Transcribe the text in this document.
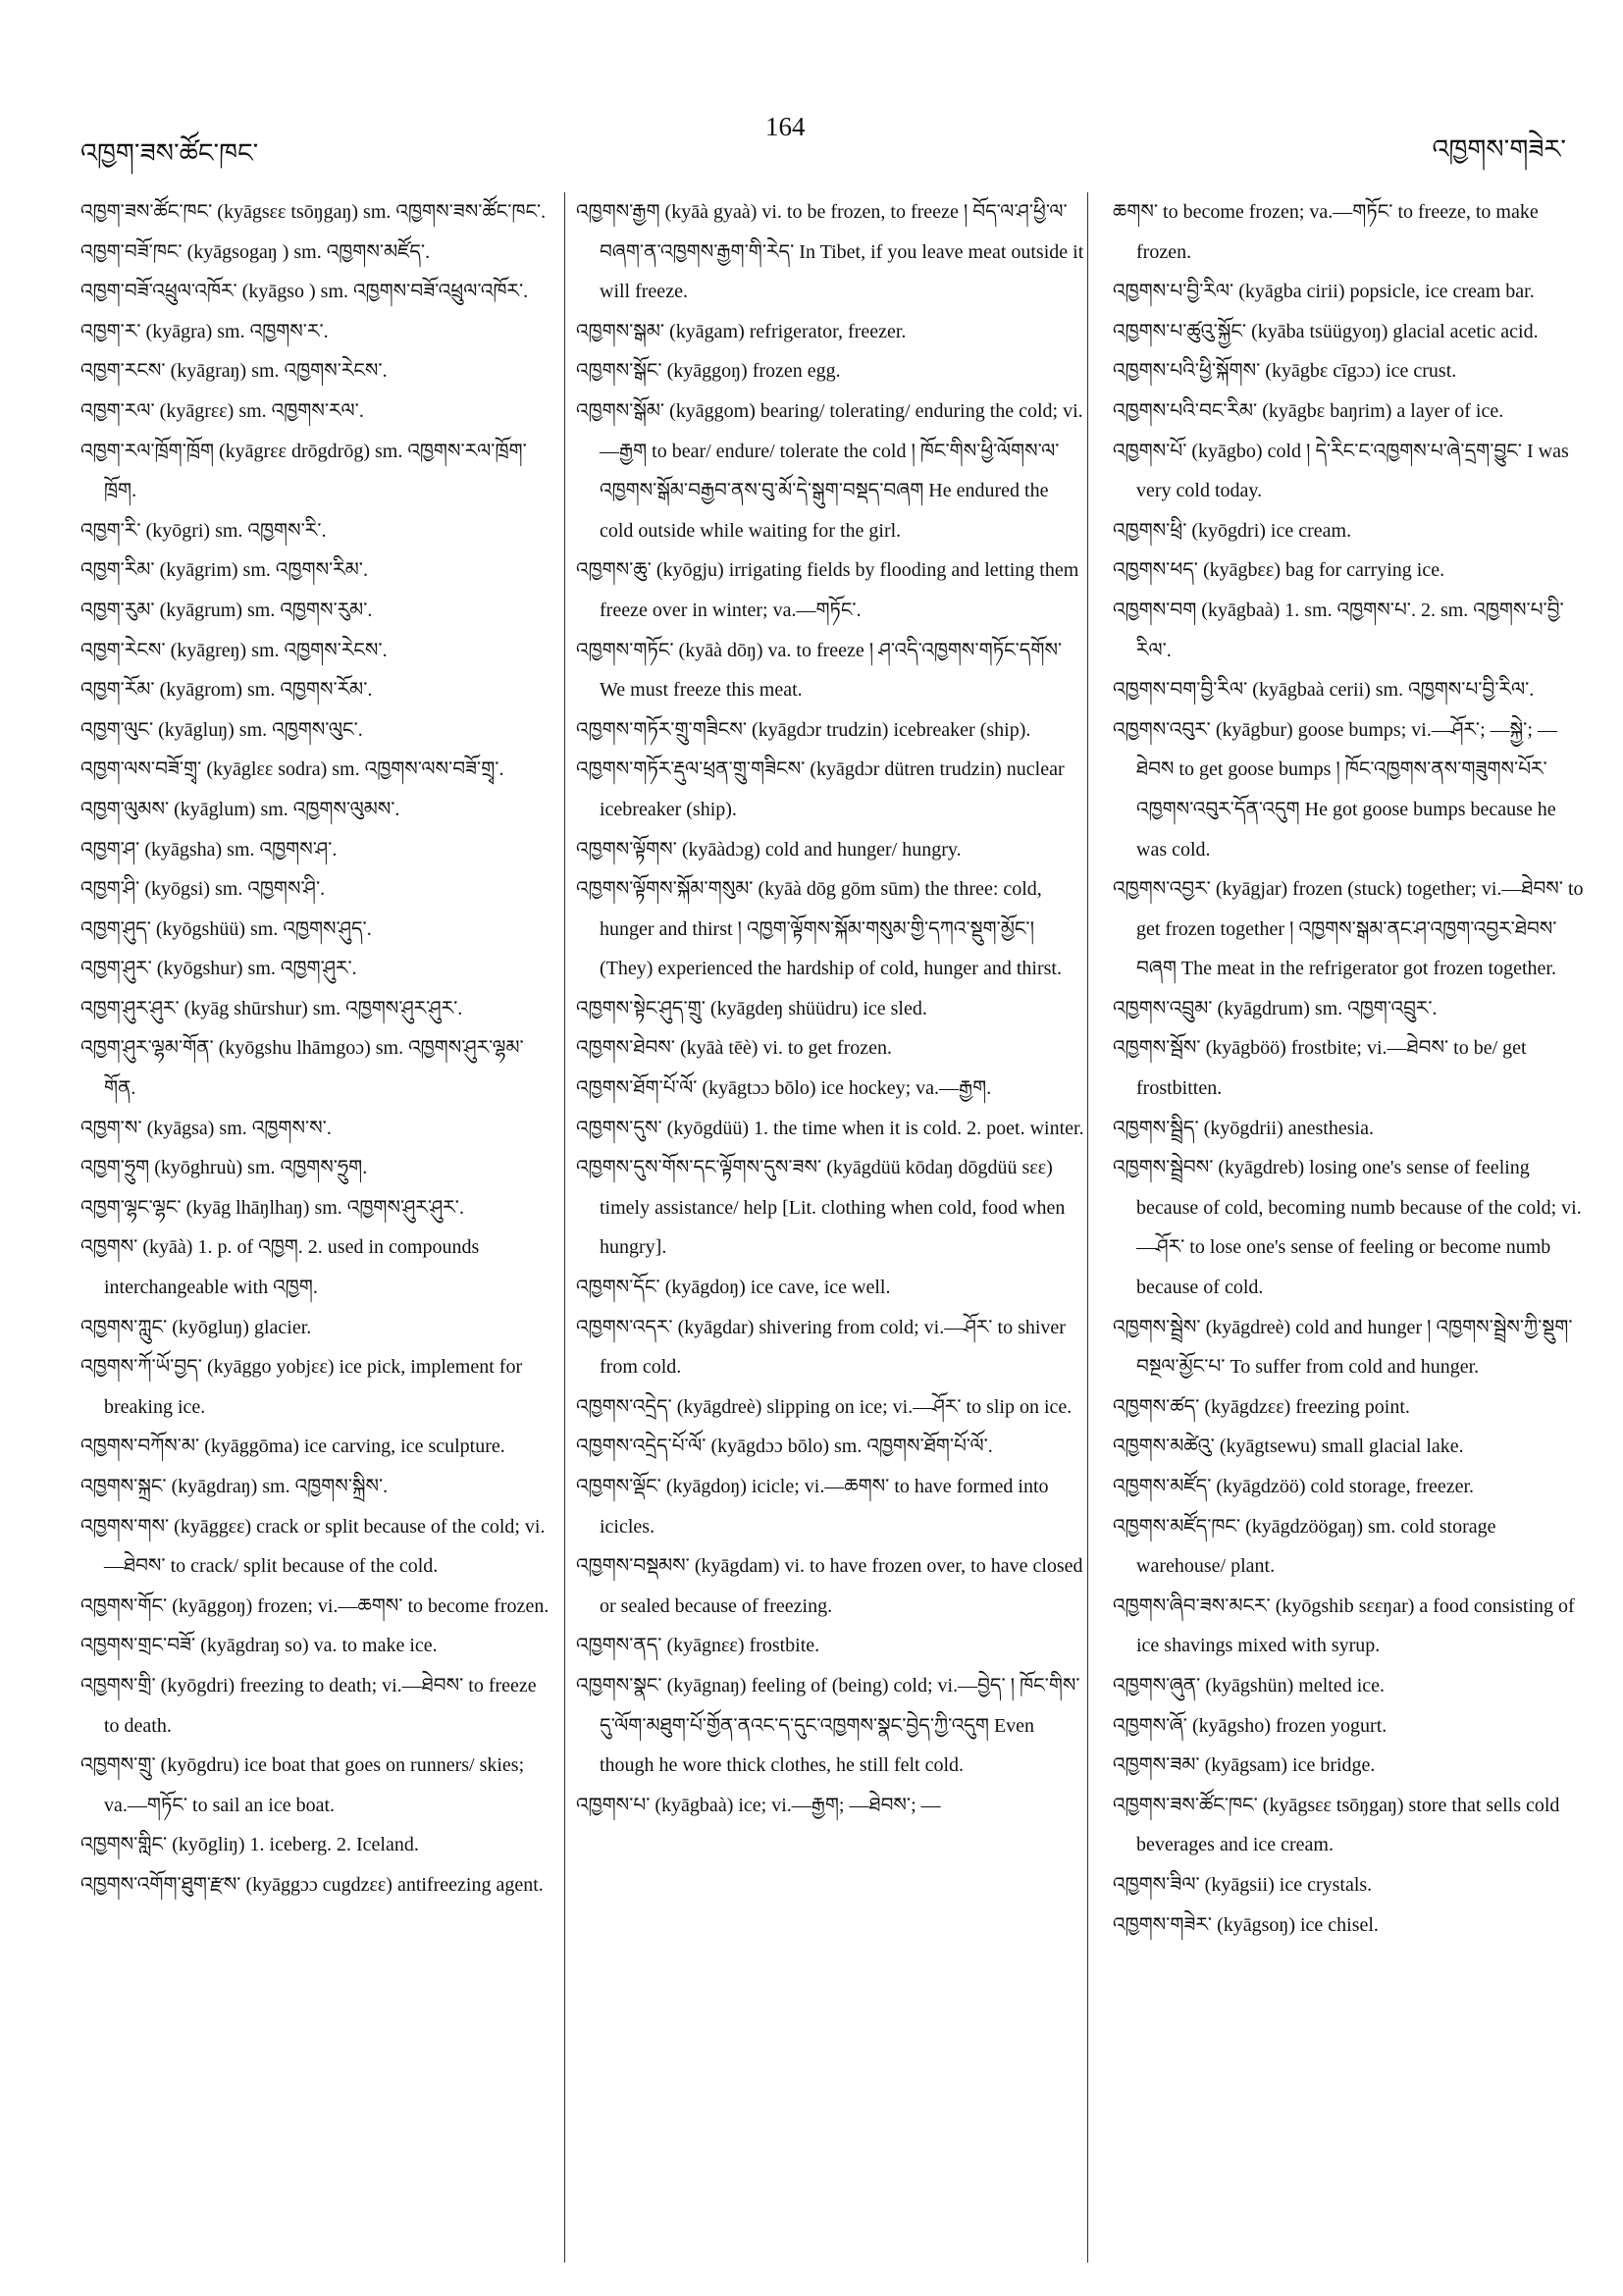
འཁྱག་ཟས་ཚོང་ཁང་
164
འཁྱགས་གཟེར་

འཁྱག་ཟས་ཚོང་ཁང་ (kyāgsɛɛ tsōŋgaŋ) sm. འཁྱགས་ཟས་ཚོང་ཁང་.

འཁྱག་བཟོ་ཁང་ (kyāgsogaŋ ) sm. འཁྱགས་མཛོད་.

འཁྱག་བཟོ་འཕྲུལ་འཁོར་ (kyāgso ) sm. འཁྱགས་བཟོ་འཕྲུལ་འཁོར་.

འཁྱག་ར་ (kyāgra) sm. འཁྱགས་ར་.

འཁྱག་རངས་ (kyāgraŋ) sm. འཁྱགས་རེངས་.

འཁྱག་རལ་ (kyāgrεε) sm. འཁྱགས་རལ་.

འཁྱག་རལ་ཁྲོག་ཁྲོག (kyāgrεε drōgdrōg) sm. འཁྱགས་རལ་ཁྲོག་ཁྲོག.

འཁྱག་རི་ (kyōgri) sm. འཁྱགས་རི་.

འཁྱག་རིམ་ (kyāgrim) sm. འཁྱགས་རིམ་.

འཁྱག་རུམ་ (kyāgrum) sm. འཁྱགས་རུམ་.

འཁྱག་རེངས་ (kyāgreŋ) sm. འཁྱགས་རེངས་.

འཁྱག་རོམ་ (kyāgrom) sm. འཁྱགས་རོམ་.

འཁྱག་ལུང་ (kyāgluŋ) sm. འཁྱགས་ལུང་.

འཁྱག་ལས་བཟོ་གྲྭ་ (kyāglεε sodra) sm. འཁྱགས་ལས་བཟོ་གྲྭ་.

འཁྱག་ལུམས་ (kyāglum) sm. འཁྱགས་ལུམས་.

འཁྱག་ཤ་ (kyāgsha) sm. འཁྱགས་ཤ་.

འཁྱག་ཤི་ (kyōgsi) sm. འཁྱགས་ཤི་.

འཁྱག་ཤུད་ (kyōgshüü) sm. འཁྱགས་ཤུད་.

འཁྱག་ཤུར་ (kyōgshur) sm. འཁྱག་ཤུར་.

འཁྱག་ཤུར་ཤུར་ (kyāg shūrshur) sm. འཁྱགས་ཤུར་ཤུར་.

འཁྱག་ཤུར་ལྷམ་གོན་ (kyōgshu lhāmgoɔ) sm. འཁྱགས་ཤུར་ལྷམ་གོན.

འཁྱག་ས་ (kyāgsa) sm. འཁྱགས་ས་.

འཁྱག་ཧྲུག (kyōghruù) sm. འཁྱགས་ཧྲུག.

འཁྱག་ལྷང་ལྷང་ (kyāg lhāŋlhaŋ) sm. འཁྱགས་ཤུར་ཤུར་.

འཁྱགས་ (kyāà) 1. p. of འཁྱག. 2. used in compounds interchangeable with འཁྱག.

འཁྱགས་ཀླུང་ (kyōgluŋ) glacier.

འཁྱགས་ཀོ་ཡོ་བྱད་ (kyāggo yobjεε) ice pick, implement for breaking ice.

འཁྱགས་བཀོས་མ་ (kyāggōma) ice carving, ice sculpture.

འཁྱགས་སྐྲང་ (kyāgdraŋ) sm. འཁྱགས་སྐྲིས་.

འཁྱགས་གས་ (kyāggεε) crack or split because of the cold; vi.—ཐེབས་ to crack/ split because of the cold.

འཁྱགས་གོང་ (kyāggoŋ) frozen; vi.—ཆགས་ to become frozen.

འཁྱགས་གྲང་བཟོ་ (kyāgdraŋ so) va. to make ice.

འཁྱགས་གྲི་ (kyōgdri) freezing to death; vi.—ཐེབས་ to freeze to death.

འཁྱགས་གྲུ་ (kyōgdru) ice boat that goes on runners/ skies; va.—གཏོང་ to sail an ice boat.

འཁྱགས་གླིང་ (kyōgliŋ) 1. iceberg. 2. Iceland.

འཁྱགས་འགོག་ཐུག་རྫས་ (kyāggɔɔ cugdzεε) antifreezing agent.

འཁྱགས་རྒྱག (kyāà gyaà) vi. to be frozen, to freeze ། བོད་ལ་ཤ་ཕྱི་ལ་བཞག་ན་འཁྱགས་རྒྱག་གི་རེད་ In Tibet, if you leave meat outside it will freeze.

འཁྱགས་སྒམ་ (kyāgam) refrigerator, freezer.

འཁྱགས་སྒོང་ (kyāggoŋ) frozen egg.

འཁྱགས་སྒོམ་ (kyāggom) bearing/ tolerating/ enduring the cold; vi.—རྒྱག to bear/ endure/ tolerate the cold ། ཁོང་གིས་ཕྱི་ལོགས་ལ་འཁྱགས་སྒོམ་བརྒྱབ་ནས་བུ་མོ་དེ་སྒུག་བསྡད་བཞག He endured the cold outside while waiting for the girl.

འཁྱགས་ཆུ་ (kyōgju) irrigating fields by flooding and letting them freeze over in winter; va.—གཏོང་.

འཁྱགས་གཏོང་ (kyāà dōŋ) va. to freeze ། ཤ་འདི་འཁྱགས་གཏོང་དགོས་ We must freeze this meat.

འཁྱགས་གཏོར་གྲུ་གཟིངས་ (kyāgdɔr trudzin) icebreaker (ship).

འཁྱགས་གཏོར་རྡུལ་ཕྲན་གྲུ་གཟིངས་ (kyāgdɔr dütren trudzin) nuclear icebreaker (ship).

འཁྱགས་ལྟོགས་ (kyāàdɔg) cold and hunger/ hungry.

འཁྱགས་ལྟོགས་སྐོམ་གསུམ་ (kyāà dōg gōm sūm) the three: cold, hunger and thirst ། འཁྱག་ལྟོགས་སྐོམ་གསུམ་གྱི་དཀའ་སྡུག་མྱོང་། (They) experienced the hardship of cold, hunger and thirst.

འཁྱགས་སྟེང་ཤུད་གྲུ་ (kyāgdeŋ shüüdru) ice sled.

འཁྱགས་ཐེབས་ (kyāà tēè) vi. to get frozen.

འཁྱགས་ཐོག་པོ་ལོ་ (kyāgtɔɔ bōlo) ice hockey; va.—རྒྱག.

འཁྱགས་དུས་ (kyōgdüü) 1. the time when it is cold. 2. poet. winter.

འཁྱགས་དུས་གོས་དང་ལྟོགས་དུས་ཟས་ (kyāgdüü kōdaŋ dōgdüü sεε) timely assistance/ help [Lit. clothing when cold, food when hungry].

འཁྱགས་དོང་ (kyāgdoŋ) ice cave, ice well.

འཁྱགས་འདར་ (kyāgdar) shivering from cold; vi.—ཤོར་ to shiver from cold.

འཁྱགས་འདྲེད་ (kyāgdreè) slipping on ice; vi.—ཤོར་ to slip on ice.

འཁྱགས་འདྲེད་པོ་ལོ་ (kyāgdɔɔ bōlo) sm. འཁྱགས་ཐོག་པོ་ལོ་.

འཁྱགས་ལྡོང་ (kyāgdoŋ) icicle; vi.—ཆགས་ to have formed into icicles.

འཁྱགས་བསྡམས་ (kyāgdam) vi. to have frozen over, to have closed or sealed because of freezing.

འཁྱགས་ནད་ (kyāgnεε) frostbite.

འཁྱགས་སྣང་ (kyāgnaŋ) feeling of (being) cold; vi.—བྱེད་ ། ཁོང་གིས་དུ་ལོག་མཐུག་པོ་གྱོན་ནའང་ད་དུང་འཁྱགས་སྣང་བྱེད་ཀྱི་འདུག Even though he wore thick clothes, he still felt cold.

འཁྱགས་པ་ (kyāgbaà) ice; vi.—རྒྱག; —ཐེབས་; —

ཆགས་ to become frozen; va.—གཏོང་ to freeze, to make frozen.

འཁྱགས་པ་བྱི་རིལ་ (kyāgba cirii) popsicle, ice cream bar.

འཁྱགས་པ་ཚུའུ་སྐྱོང་ (kyāba tsüügyoŋ) glacial acetic acid.

འཁྱགས་པའི་ཕྱི་སྐོགས་ (kyāgbε cīgɔɔ) ice crust.

འཁྱགས་པའི་བང་རིམ་ (kyāgbε baŋrim) a layer of ice.

འཁྱགས་པོ་ (kyāgbo) cold ། དེ་རིང་ང་འཁྱགས་པ་ཞེ་དྲག་བྱུང་ I was very cold today.

འཁྱགས་ཕྲི་ (kyōgdri) ice cream.

འཁྱགས་ཕད་ (kyāgbεε) bag for carrying ice.

འཁྱགས་བག (kyāgbaà) 1. sm. འཁྱགས་པ་. 2. sm. འཁྱགས་པ་བྱི་རིལ་.

འཁྱགས་བག་བྱི་རིལ་ (kyāgbaà cerii) sm. འཁྱགས་པ་བྱི་རིལ་.

འཁྱགས་འབུར་ (kyāgbur) goose bumps; vi.—ཤོར་; —སྐྱེ་; —ཐེབས to get goose bumps ། ཁོང་འཁྱགས་ནས་གཟུགས་པོར་འཁྱགས་འབུར་དོན་འདུག He got goose bumps because he was cold.

འཁྱགས་འབྱར་ (kyāgjar) frozen (stuck) together; vi.—ཐེབས་ to get frozen together ། འཁྱགས་སྒམ་ནང་ཤ་འཁྱག་འབྱར་ཐེབས་བཞག The meat in the refrigerator got frozen together.

འཁྱགས་འབྲུམ་ (kyāgdrum) sm. འཁྱག་འབྲུར་.

འཁྱགས་སྦོས་ (kyāgböö) frostbite; vi.—ཐེབས་ to be/ get frostbitten.

འཁྱགས་སྦྲིད་ (kyōgdrii) anesthesia.

འཁྱགས་སྦྲེབས་ (kyāgdreb) losing one's sense of feeling because of cold, becoming numb because of the cold; vi.—ཤོར་ to lose one's sense of feeling or become numb because of cold.

འཁྱགས་སྦྲེས་ (kyāgdreè) cold and hunger ། འཁྱགས་སྦྲེས་ཀྱི་སྡུག་བསྔལ་མྱོང་པ་ To suffer from cold and hunger.

འཁྱགས་ཚད་ (kyāgdzεε) freezing point.

འཁྱགས་མཚེའུ་ (kyāgtsewu) small glacial lake.

འཁྱགས་མཛོད་ (kyāgdzöö) cold storage, freezer.

འཁྱགས་མཛོད་ཁང་ (kyāgdzöögaŋ) sm. cold storage warehouse/ plant.

འཁྱགས་ཞིབ་ཟས་མངར་ (kyōgshib sεεŋar) a food consisting of ice shavings mixed with syrup.

འཁྱགས་ཞུན་ (kyāgshün) melted ice.

འཁྱགས་ཞོ་ (kyāgsho) frozen yogurt.

འཁྱགས་ཟམ་ (kyāgsam) ice bridge.

འཁྱགས་ཟས་ཚོང་ཁང་ (kyāgsεε tsōŋgaŋ) store that sells cold beverages and ice cream.

འཁྱགས་ཟིལ་ (kyāgsii) ice crystals.

འཁྱགས་གཟེར་ (kyāgsoŋ) ice chisel.
